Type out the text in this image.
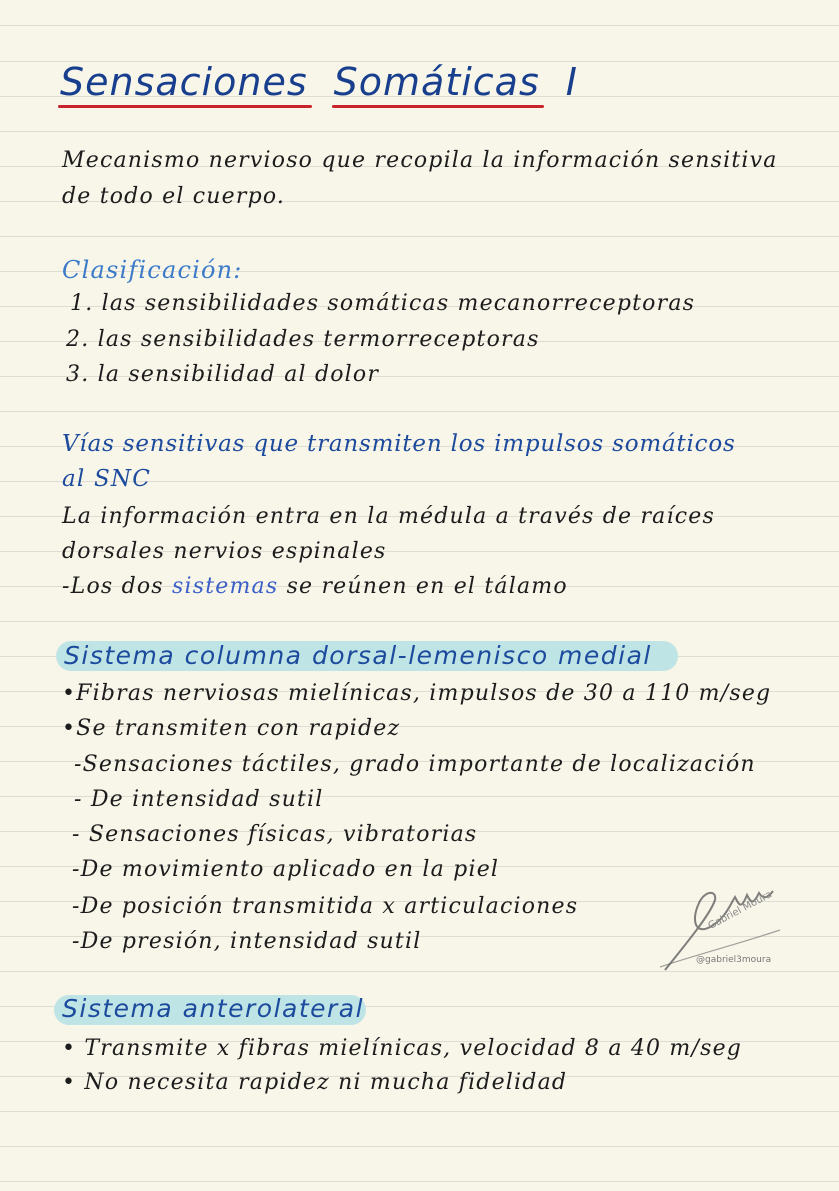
Sensaciones Somáticas I
Mecanismo nervioso que recopila la información sensitiva
de todo el cuerpo.
Clasificación:
1. las sensibilidades somáticas mecanorreceptoras
2. las sensibilidades termorreceptoras
3. la sensibilidad al dolor
Vías sensitivas que transmiten los impulsos somáticos
al SNC
La información entra en la médula a través de raíces
dorsales nervios espinales
-Los dos sistemas se reúnen en el tálamo
Sistema columna dorsal-lemenisco medial
•Fibras nerviosas mielínicas, impulsos de 30 a 110 m/seg
•Se transmiten con rapidez
-Sensaciones táctiles, grado importante de localización
- De intensidad sutil
- Sensaciones físicas, vibratorias
-De movimiento aplicado en la piel
-De posición transmitida x articulaciones
-De presión, intensidad sutil
Gabriel Moura
@gabriel3moura
Sistema anterolateral
• Transmite x fibras mielínicas, velocidad 8 a 40 m/seg
• No necesita rapidez ni mucha fidelidad
